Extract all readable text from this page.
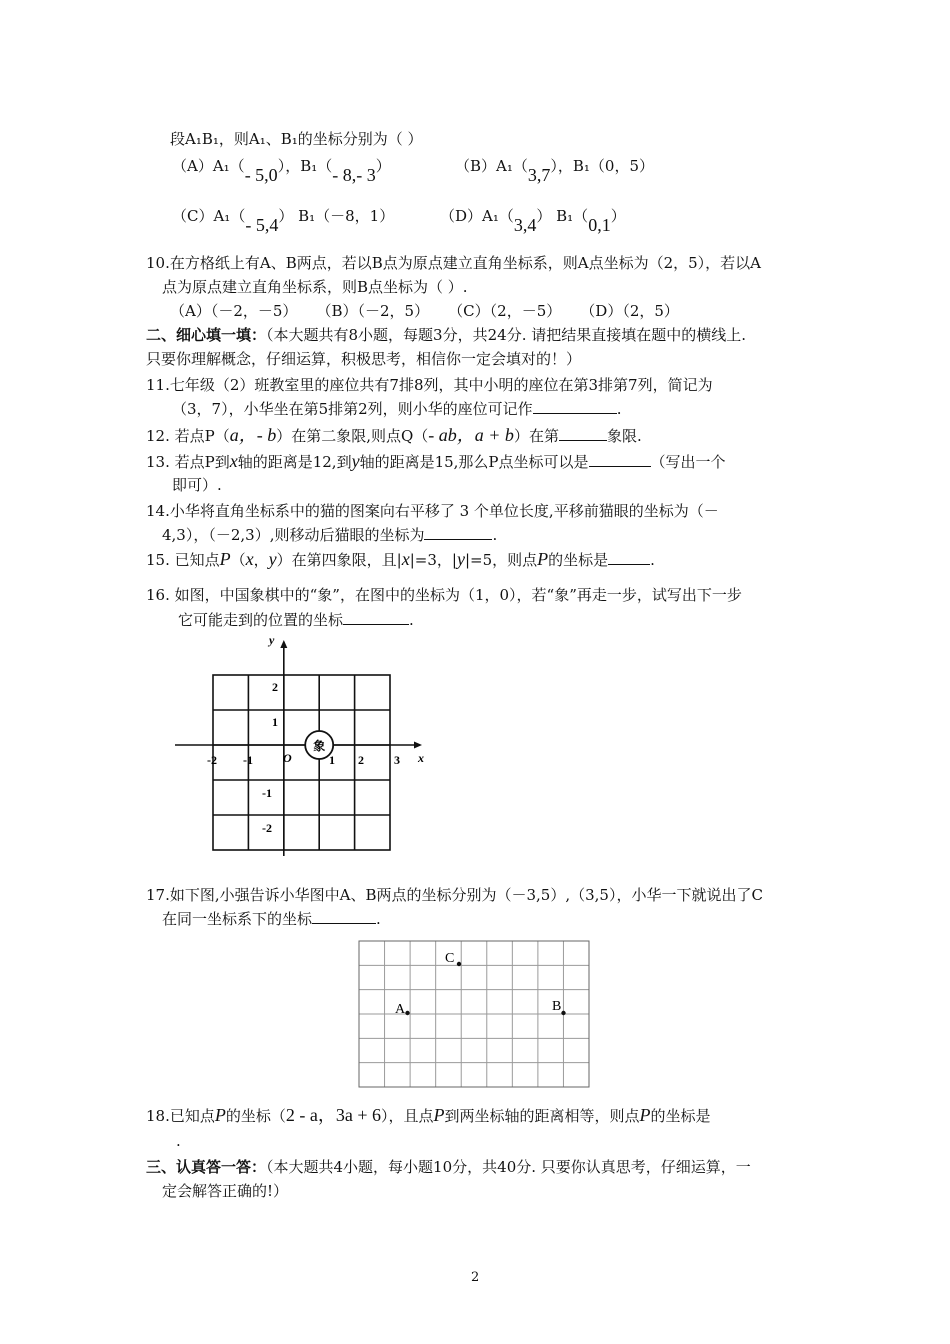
段A₁B₁，则A₁、B₁的坐标分别为（ ）
（A）A₁（- 5,0），B₁（- 8,- 3）	（B）A₁（3,7），B₁（0，5）
（C）A₁（- 5,4） B₁（－8，1）	（D）A₁（3,4） B₁（0,1）
10.在方格纸上有A、B两点，若以B点为原点建立直角坐标系，则A点坐标为（2，5），若以A
点为原点建立直角坐标系，则B点坐标为（ ）.
（A）（－2，－5）    （B）（－2，5）    （C）（2，－5）    （D）（2，5）
二、细心填一填：（本大题共有8小题，每题3分，共24分. 请把结果直接填在题中的横线上.
只要你理解概念，仔细运算，积极思考，相信你一定会填对的！）
11.七年级（2）班教室里的座位共有7排8列，其中小明的座位在第3排第7列，简记为
（3，7），小华坐在第5排第2列，则小华的座位可记作	.
12. 若点P（a，- b）在第二象限,则点Q（- ab，a + b）在第	象限.
13. 若点P到x轴的距离是12,到y轴的距离是15,那么P点坐标可以是	（写出一个
即可）.
14.小华将直角坐标系中的猫的图案向右平移了 3 个单位长度,平移前猫眼的坐标为（－
4,3），（－2,3）,则移动后猫眼的坐标为	.
15. 已知点P（x，y）在第四象限，且|x|=3，|y|=5，则点P的坐标是	.
16. 如图，中国象棋中的“象”，在图中的坐标为（1，0），若“象”再走一步，试写出下一步
它可能走到的位置的坐标	.
y
x
O
-2 -1	1 2	3
2
1
-1
-2
象
17.如下图,小强告诉小华图中A、B两点的坐标分别为（－3,5）,（3,5），小华一下就说出了C
在同一坐标系下的坐标	.
A	B
C
18.已知点P的坐标（2 - a，3a + 6），且点P到两坐标轴的距离相等，则点P的坐标是
.
三、认真答一答：（本大题共4小题，每小题10分，共40分. 只要你认真思考，仔细运算，一
定会解答正确的!）
2
